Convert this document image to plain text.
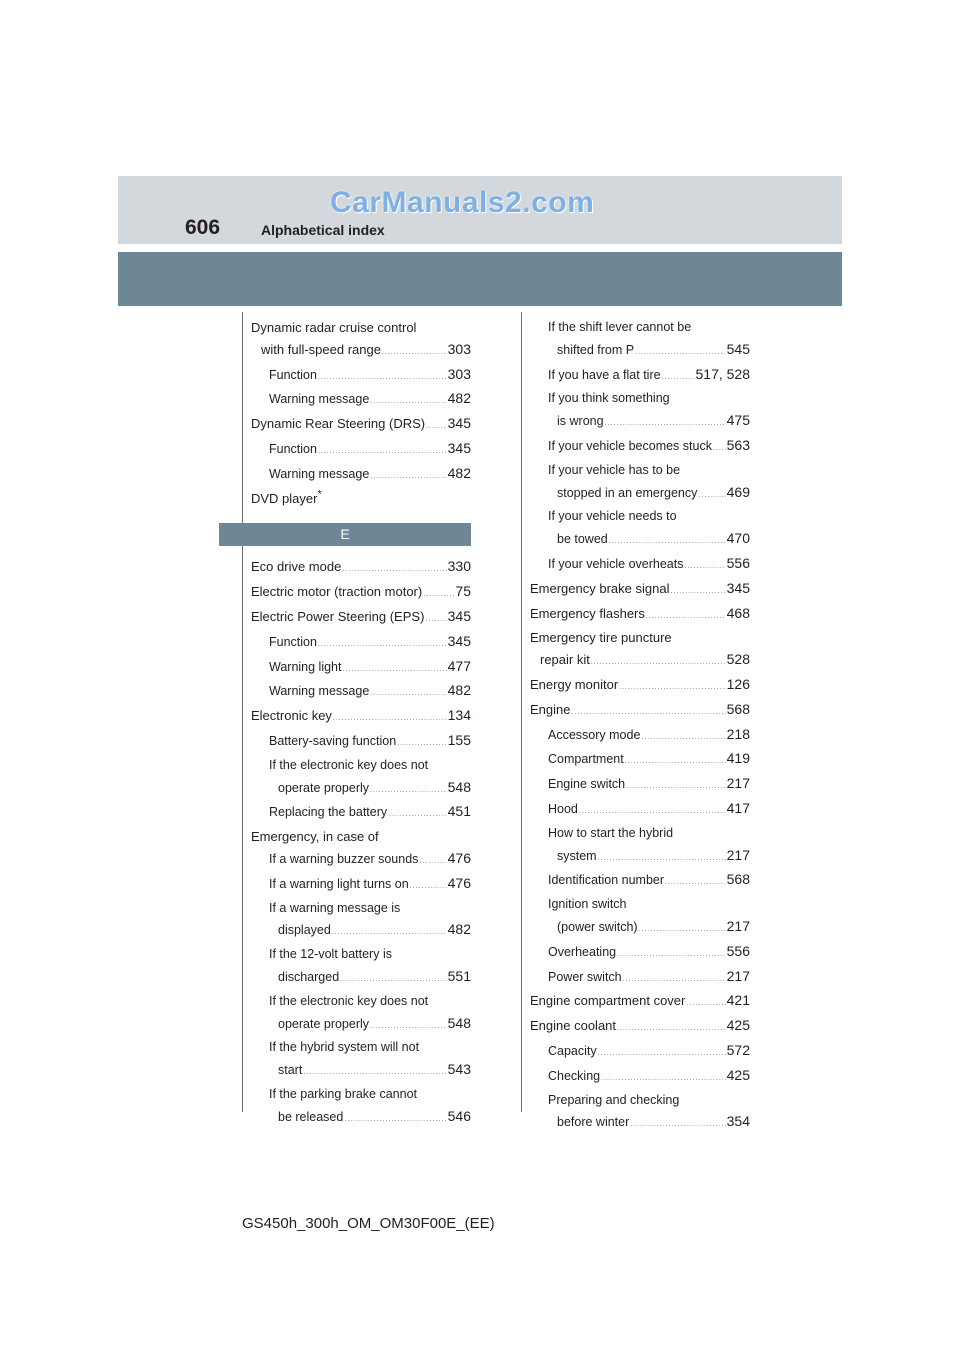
CarManuals2.com
606	Alphabetical index
Dynamic radar cruise control
with full-speed range .....	303
Function .....	303
Warning message .....	482
Dynamic Rear Steering (DRS) ..... 345
Function .....	345
Warning message .....	482
DVD player*
E
Eco drive mode .....	330
Electric motor (traction motor) ..... 75
Electric Power Steering (EPS) ..... 345
Function .....	345
Warning light .....	477
Warning message .....	482
Electronic key .....	134
Battery-saving function .....	155
If the electronic key does not
operate properly .....	548
Replacing the battery .....	451
Emergency, in case of
If a warning buzzer sounds ..... 476
If a warning light turns on .....	476
If a warning message is
displayed .....	482
If the 12-volt battery is
discharged .....	551
If the electronic key does not
operate properly .....	548
If the hybrid system will not
start .....	543
If the parking brake cannot
be released .....	546
If the shift lever cannot be
shifted from P .....	545
If you have a flat tire ..... 517, 528
If you think something
is wrong .....	475
If your vehicle becomes stuck ..... 563
If your vehicle has to be
stopped in an emergency ..... 469
If your vehicle needs to
be towed .....	470
If your vehicle overheats .....	556
Emergency brake signal .....	345
Emergency flashers .....	468
Emergency tire puncture
repair kit .....	528
Energy monitor .....	126
Engine .....	568
Accessory mode .....	218
Compartment .....	419
Engine switch .....	217
Hood .....	417
How to start the hybrid
system .....	217
Identification number .....	568
Ignition switch
(power switch) .....	217
Overheating .....	556
Power switch .....	217
Engine compartment cover .....	421
Engine coolant .....	425
Capacity .....	572
Checking .....	425
Preparing and checking
before winter .....	354
GS450h_300h_OM_OM30F00E_(EE)
